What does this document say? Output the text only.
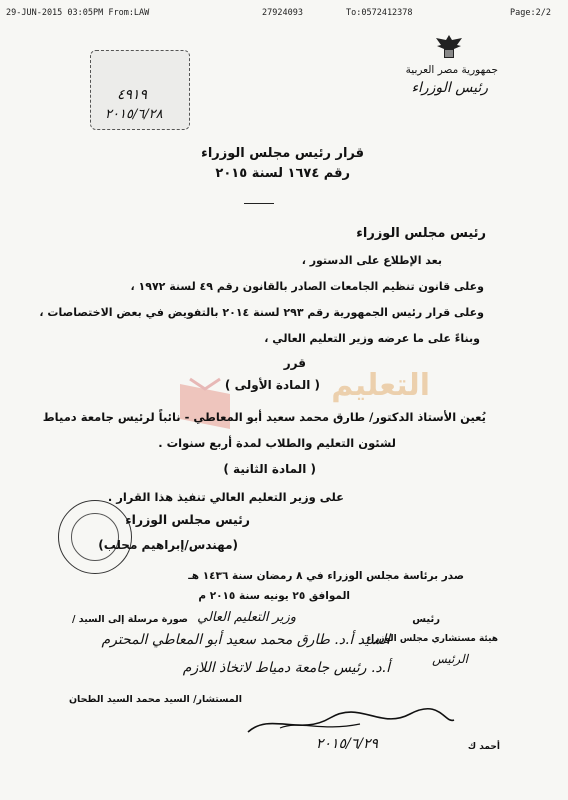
29-JUN-2015 03:05PM From:LAW	27924093	To:0572412378	Page:2/2
جمهورية مصر العربية
رئيس الوزراء
٤٩١٩
٢٠١٥/٦/٢٨
قرار رئيس مجلس الوزراء
رقم ١٦٧٤ لسنة ٢٠١٥
رئيس مجلس الوزراء
بعد الإطلاع على الدستور ،
وعلى قانون تنظيم الجامعات الصادر بالقانون رقم ٤٩ لسنة ١٩٧٢ ،
وعلى قرار رئيس الجمهورية رقم ٢٩٣ لسنة ٢٠١٤ بالتفويض في بعض الاختصاصات ،
وبناءً على ما عرضه وزير التعليم العالي ،
قرر
( المادة الأولى ) التعليم
يُعين الأستاذ الدكتور/ طارق محمد سعيد أبو المعاطي - نائباً لرئيس جامعة دمياط
لشئون التعليم والطلاب لمدة أربع سنوات .
( المادة الثانية )
على وزير التعليم العالي تنفيذ هذا القرار .
رئيس مجلس الوزراء
(مهندس/إبراهيم محلب)
صدر برئاسة مجلس الوزراء في ٨ رمضان سنة ١٤٣٦ هـ
الموافق ٢٥ يونيه سنة ٢٠١٥ م
صورة مرسلة إلى السيد / وزير التعليم العالي	رئيس
السيد أ.د. طارق محمد سعيد أبو المعاطي المحترم
هيئة مستشاري مجلس الوزراء
الرئيس
أ.د. رئيس جامعة دمياط لاتخاذ اللازم
المستشار/ السيد محمد السيد الطحان
٢٠١٥/٦/٢٩	أحمد ك
